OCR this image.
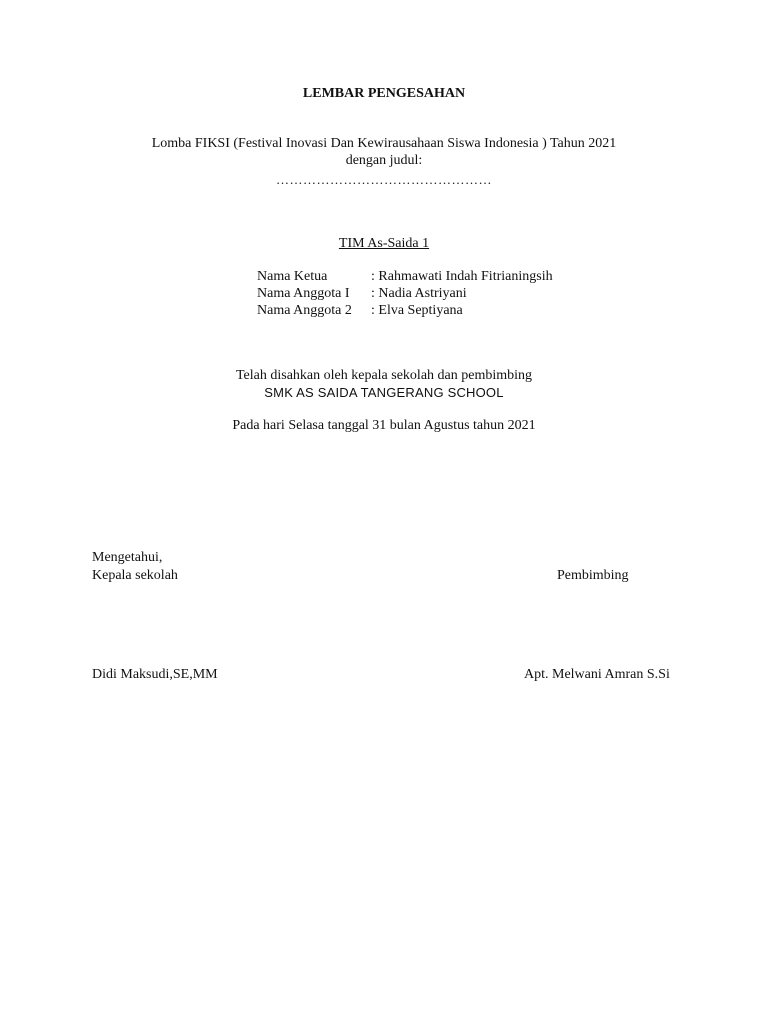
LEMBAR PENGESAHAN
Lomba FIKSI (Festival Inovasi Dan Kewirausahaan Siswa Indonesia ) Tahun 2021
dengan judul:
…………………………………………
TIM As-Saida 1
Nama Ketua	: Rahmawati Indah Fitrianingsih
Nama Anggota I : Nadia Astriyani
Nama Anggota 2 : Elva Septiyana
Telah disahkan oleh kepala sekolah dan pembimbing
SMK AS SAIDA TANGERANG SCHOOL
Pada hari Selasa tanggal 31 bulan Agustus tahun 2021
Mengetahui,
Kepala sekolah	Pembimbing
Didi Maksudi,SE,MM	Apt. Melwani Amran S.Si
